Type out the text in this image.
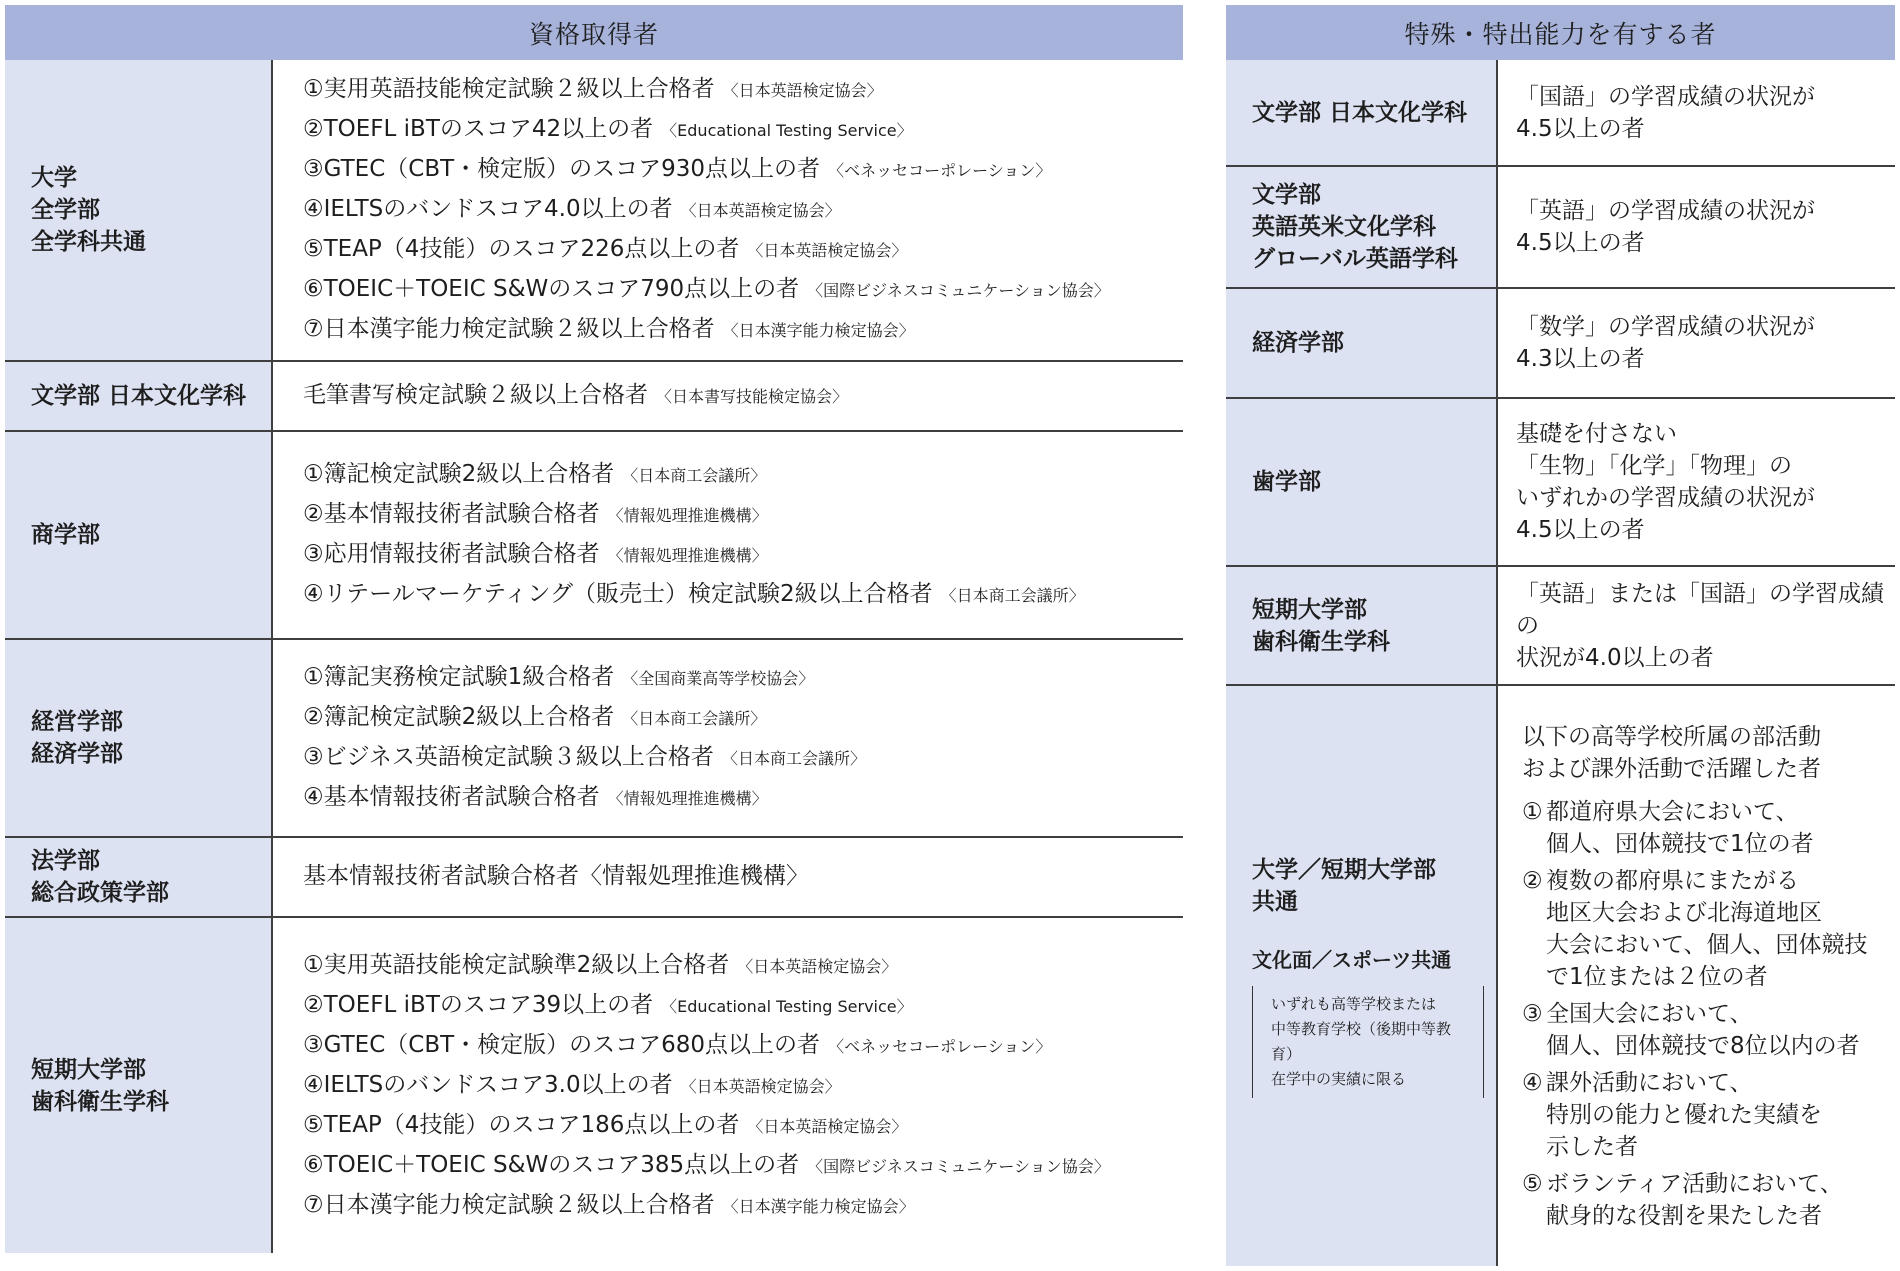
資格取得者
大学
全学部
全学科共通
①実用英語技能検定試験２級以上合格者 〈日本英語検定協会〉
②TOEFL iBTのスコア42以上の者 〈Educational Testing Service〉
③GTEC（CBT・検定版）のスコア930点以上の者 〈ベネッセコーポレーション〉
④IELTSのバンドスコア4.0以上の者 〈日本英語検定協会〉
⑤TEAP（4技能）のスコア226点以上の者 〈日本英語検定協会〉
⑥TOEIC＋TOEIC S&Wのスコア790点以上の者 〈国際ビジネスコミュニケーション協会〉
⑦日本漢字能力検定試験２級以上合格者 〈日本漢字能力検定協会〉
文学部 日本文化学科	毛筆書写検定試験２級以上合格者 〈日本書写技能検定協会〉
商学部
①簿記検定試験2級以上合格者 〈日本商工会議所〉
②基本情報技術者試験合格者 〈情報処理推進機構〉
③応用情報技術者試験合格者 〈情報処理推進機構〉
④リテールマーケティング（販売士）検定試験2級以上合格者 〈日本商工会議所〉
経営学部
経済学部
①簿記実務検定試験1級合格者 〈全国商業高等学校協会〉
②簿記検定試験2級以上合格者 〈日本商工会議所〉
③ビジネス英語検定試験３級以上合格者 〈日本商工会議所〉
④基本情報技術者試験合格者 〈情報処理推進機構〉
法学部
総合政策学部
基本情報技術者試験合格者〈情報処理推進機構〉
短期大学部
歯科衛生学科
①実用英語技能検定試験準2級以上合格者 〈日本英語検定協会〉
②TOEFL iBTのスコア39以上の者 〈Educational Testing Service〉
③GTEC（CBT・検定版）のスコア680点以上の者 〈ベネッセコーポレーション〉
④IELTSのバンドスコア3.0以上の者 〈日本英語検定協会〉
⑤TEAP（4技能）のスコア186点以上の者 〈日本英語検定協会〉
⑥TOEIC＋TOEIC S&Wのスコア385点以上の者 〈国際ビジネスコミュニケーション協会〉
⑦日本漢字能力検定試験２級以上合格者 〈日本漢字能力検定協会〉
特殊・特出能力を有する者
文学部 日本文化学科
「国語」の学習成績の状況が
4.5以上の者
文学部
英語英米文化学科
グローバル英語学科
「英語」の学習成績の状況が
4.5以上の者
経済学部
「数学」の学習成績の状況が
4.3以上の者
歯学部
基礎を付さない
「生物」「化学」「物理」の
いずれかの学習成績の状況が
4.5以上の者
短期大学部
歯科衛生学科
「英語」または「国語」の学習成績の
状況が4.0以上の者
大学／短期大学部
共通
文化面／スポーツ共通
いずれも高等学校または
中等教育学校（後期中等教育）
在学中の実績に限る
以下の高等学校所属の部活動
および課外活動で活躍した者
① 都道府県大会において、
個人、団体競技で1位の者
② 複数の都府県にまたがる
地区大会および北海道地区
大会において、個人、団体競技
で1位または２位の者
③ 全国大会において、
個人、団体競技で8位以内の者
④ 課外活動において、
特別の能力と優れた実績を
示した者
⑤ ボランティア活動において、
献身的な役割を果たした者
